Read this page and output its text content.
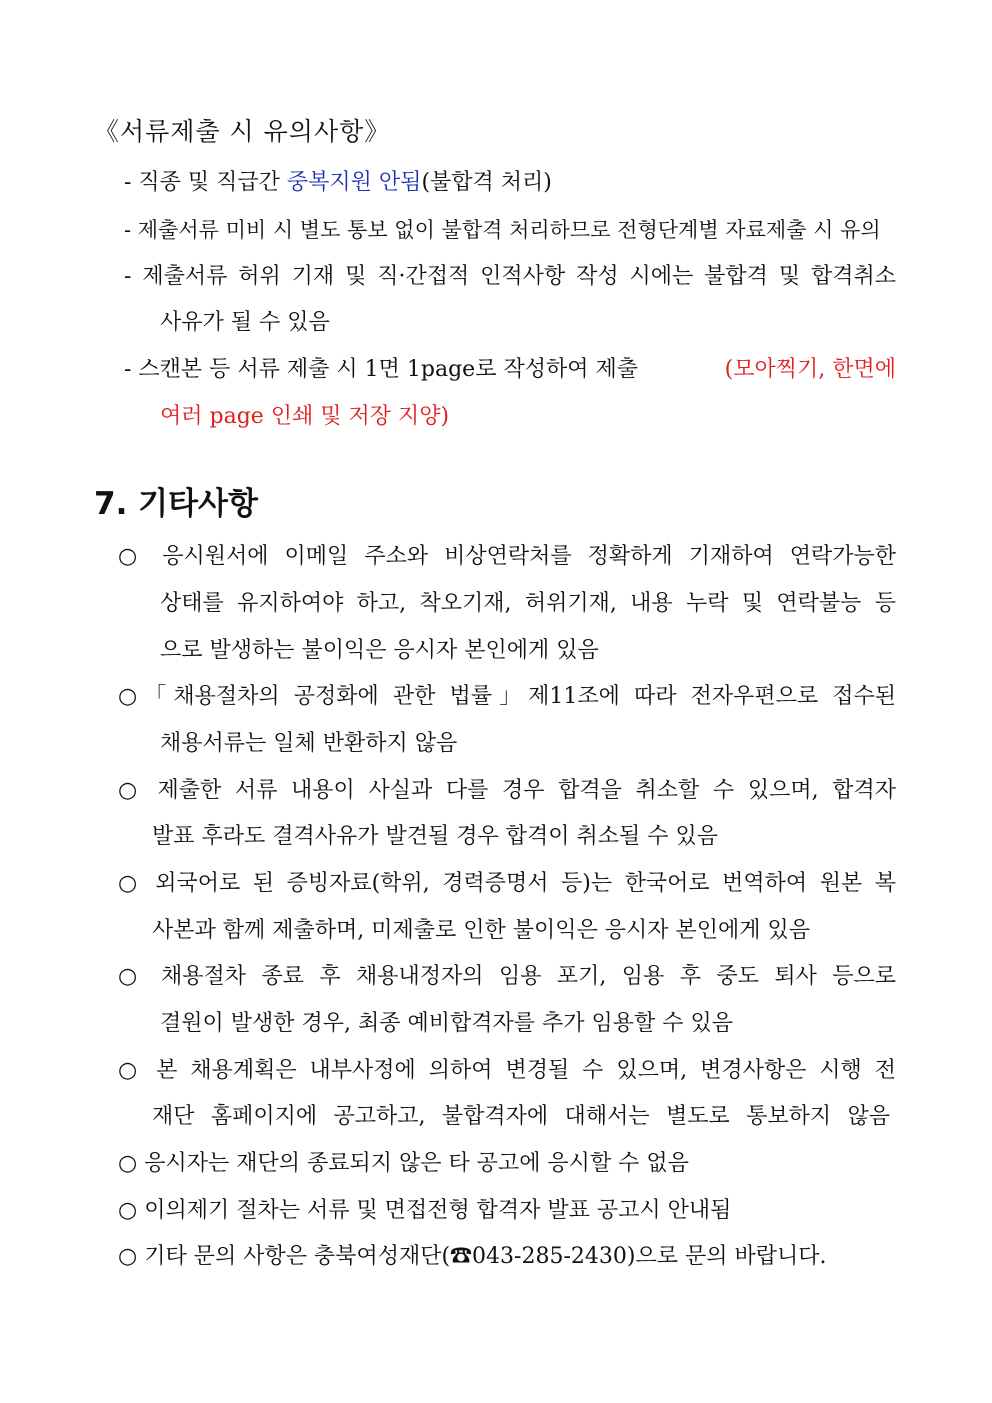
《서류제출 시 유의사항》
- 직종 및 직급간 중복지원 안됨(불합격 처리)
- 제출서류 미비 시 별도 통보 없이 불합격 처리하므로 전형단계별 자료제출 시 유의
- 제출서류 허위 기재 및 직·간접적 인적사항 작성 시에는 불합격 및 합격취소
사유가 될 수 있음
- 스캔본 등 서류 제출 시 1면 1page로 작성하여 제출	(모아찍기, 한면에
여러 page 인쇄 및 저장 지양)
7. 기타사항
○ 응시원서에 이메일 주소와 비상연락처를 정확하게 기재하여 연락가능한
상태를 유지하여야 하고, 착오기재, 허위기재, 내용 누락 및 연락불능 등
으로 발생하는 불이익은 응시자 본인에게 있음
○「채용절차의 공정화에 관한 법률」제11조에 따라 전자우편으로 접수된
채용서류는 일체 반환하지 않음
○ 제출한 서류 내용이 사실과 다를 경우 합격을 취소할 수 있으며, 합격자
발표 후라도 결격사유가 발견될 경우 합격이 취소될 수 있음
○ 외국어로 된 증빙자료(학위, 경력증명서 등)는 한국어로 번역하여 원본 복
사본과 함께 제출하며, 미제출로 인한 불이익은 응시자 본인에게 있음
○ 채용절차 종료 후 채용내정자의 임용 포기, 임용 후 중도 퇴사 등으로
결원이 발생한 경우, 최종 예비합격자를 추가 임용할 수 있음
○ 본 채용계획은 내부사정에 의하여 변경될 수 있으며, 변경사항은 시행 전
재단 홈페이지에 공고하고, 불합격자에 대해서는 별도로 통보하지 않음
○ 응시자는 재단의 종료되지 않은 타 공고에 응시할 수 없음
○ 이의제기 절차는 서류 및 면접전형 합격자 발표 공고시 안내됨
○ 기타 문의 사항은 충북여성재단(☎043-285-2430)으로 문의 바랍니다.
